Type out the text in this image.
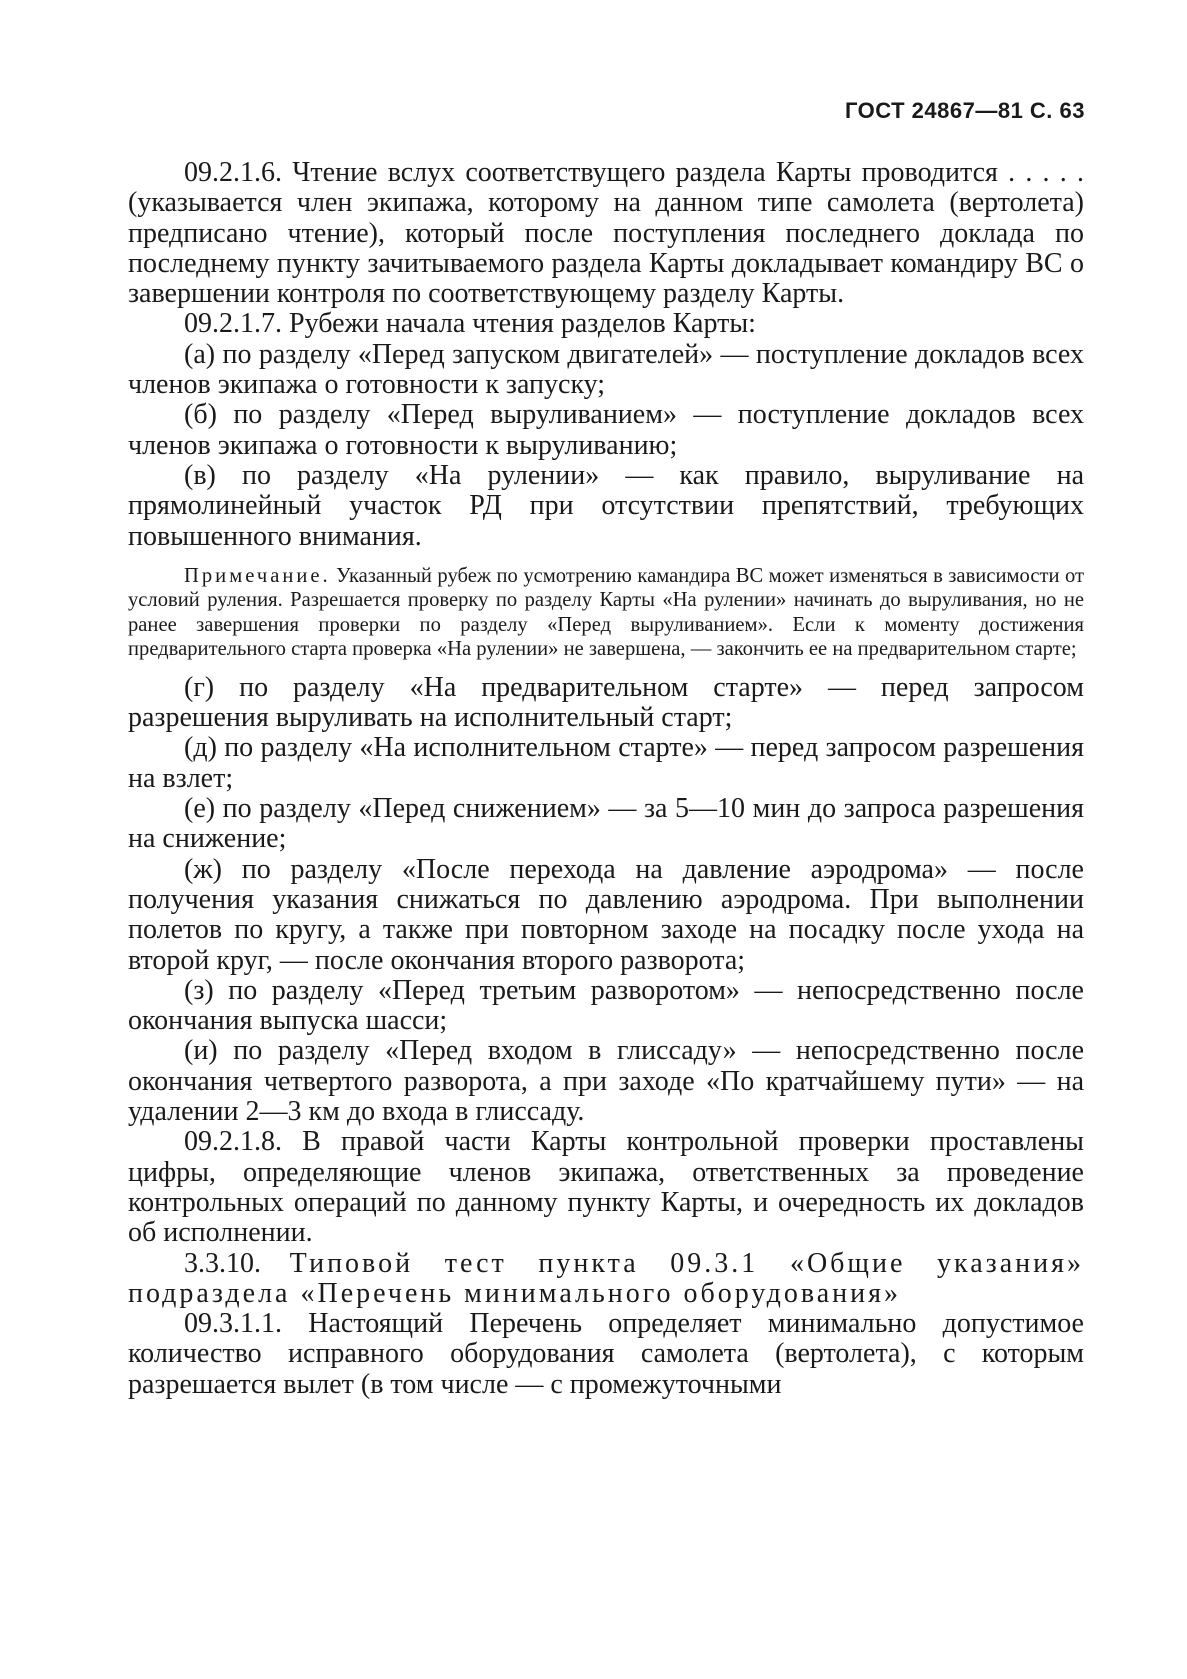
ГОСТ 24867—81 С. 63

09.2.1.6. Чтение вслух соответствущего раздела Карты проводится . . . . . (указывается член экипажа, которому на данном типе самолета (вертолета) предписано чтение), который после поступления последнего доклада по последнему пункту зачитываемого раздела Карты докладывает командиру ВС о завершении контроля по соответствующему разделу Карты.

09.2.1.7. Рубежи начала чтения разделов Карты:

(а) по разделу «Перед запуском двигателей» — поступление докладов всех членов экипажа о готовности к запуску;

(б) по разделу «Перед выруливанием» — поступление докладов всех членов экипажа о готовности к выруливанию;

(в) по разделу «На рулении» — как правило, выруливание на прямолинейный участок РД при отсутствии препятствий, требующих повышенного внимания.

Примечание. Указанный рубеж по усмотрению камандира ВС может изменяться в зависимости от условий руления. Разрешается проверку по разделу Карты «На рулении» начинать до выруливания, но не ранее завершения проверки по разделу «Перед выруливанием». Если к моменту достижения предварительного старта проверка «На рулении» не завершена, — закончить ее на предварительном старте;

(г) по разделу «На предварительном старте» — перед запросом разрешения выруливать на исполнительный старт;

(д) по разделу «На исполнительном старте» — перед запросом разрешения на взлет;

(е) по разделу «Перед снижением» — за 5—10 мин до запроса разрешения на снижение;

(ж) по разделу «После перехода на давление аэродрома» — после получения указания снижаться по давлению аэродрома. При выполнении полетов по кругу, а также при повторном заходе на посадку после ухода на второй круг, — после окончания второго разворота;

(з) по разделу «Перед третьим разворотом» — непосредственно после окончания выпуска шасси;

(и) по разделу «Перед входом в глиссаду» — непосредственно после окончания четвертого разворота, а при заходе «По кратчайшему пути» — на удалении 2—3 км до входа в глиссаду.

09.2.1.8. В правой части Карты контрольной проверки проставлены цифры, определяющие членов экипажа, ответственных за проведение контрольных операций по данному пункту Карты, и очередность их докладов об исполнении.

3.3.10. Типовой тест пункта 09.3.1 «Общие указания» подраздела «Перечень минимального оборудования»

09.3.1.1. Настоящий Перечень определяет минимально допустимое количество исправного оборудования самолета (вертолета), с которым разрешается вылет (в том числе — с промежуточными
